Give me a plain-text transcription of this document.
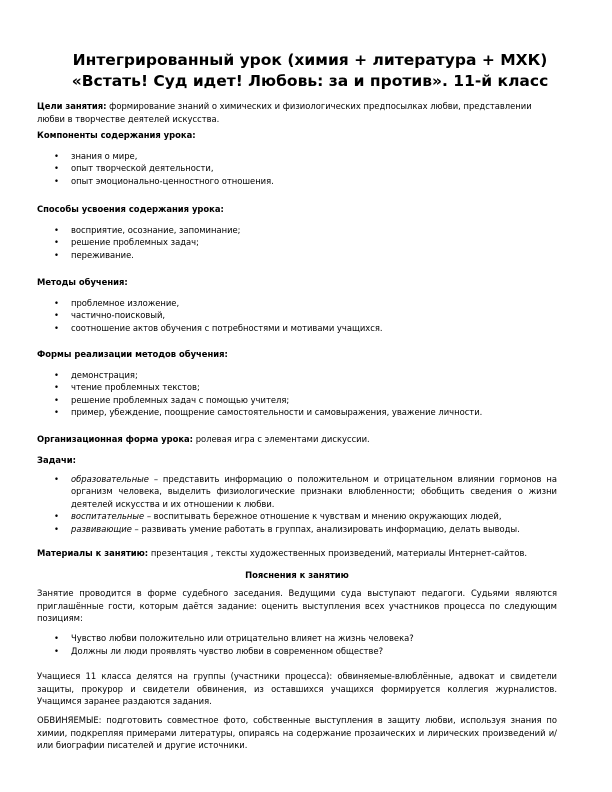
Интегрированный урок (химия + литература + МХК)
«Встать! Суд идет! Любовь: за и против». 11-й класс
Цели занятия: формирование знаний о химических и физиологических предпосылках любви, представлении любви в творчестве деятелей искусства.
Компоненты содержания урока:
• знания о мире,
• опыт творческой деятельности,
• опыт эмоционально-ценностного отношения.
Способы усвоения содержания урока:
• восприятие, осознание, запоминание;
• решение проблемных задач;
• переживание.
Методы обучения:
• проблемное изложение,
• частично-поисковый,
• соотношение актов обучения с потребностями и мотивами учащихся.
Формы реализации методов обучения:
• демонстрация;
• чтение проблемных текстов;
• решение проблемных задач с помощью учителя;
• пример, убеждение, поощрение самостоятельности и самовыражения, уважение личности.
Организационная форма урока: ролевая игра с элементами дискуссии.
Задачи:
• образовательные – представить информацию о положительном и отрицательном влиянии гормонов на организм человека, выделить физиологические признаки влюбленности; обобщить сведения о жизни деятелей искусства и их отношении к любви.
• воспитательные – воспитывать бережное отношение к чувствам и мнению окружающих людей,
• развивающие – развивать умение работать в группах, анализировать информацию, делать выводы.
Материалы к занятию: презентация , тексты художественных произведений, материалы Интернет-сайтов.
Пояснения к занятию
Занятие проводится в форме судебного заседания. Ведущими суда выступают педагоги. Судьями являются приглашённые гости, которым даётся задание: оценить выступления всех участников процесса по следующим позициям:
• Чувство любви положительно или отрицательно влияет на жизнь человека?
• Должны ли люди проявлять чувство любви в современном обществе?
Учащиеся 11 класса делятся на группы (участники процесса): обвиняемые-влюблённые, адвокат и свидетели защиты, прокурор и свидетели обвинения, из оставшихся учащихся формируется коллегия журналистов. Учащимся заранее раздаются задания.
ОБВИНЯЕМЫЕ: подготовить совместное фото, собственные выступления в защиту любви, используя знания по химии, подкрепляя примерами литературы, опираясь на содержание прозаических и лирических произведений и/или биографии писателей и другие источники.
